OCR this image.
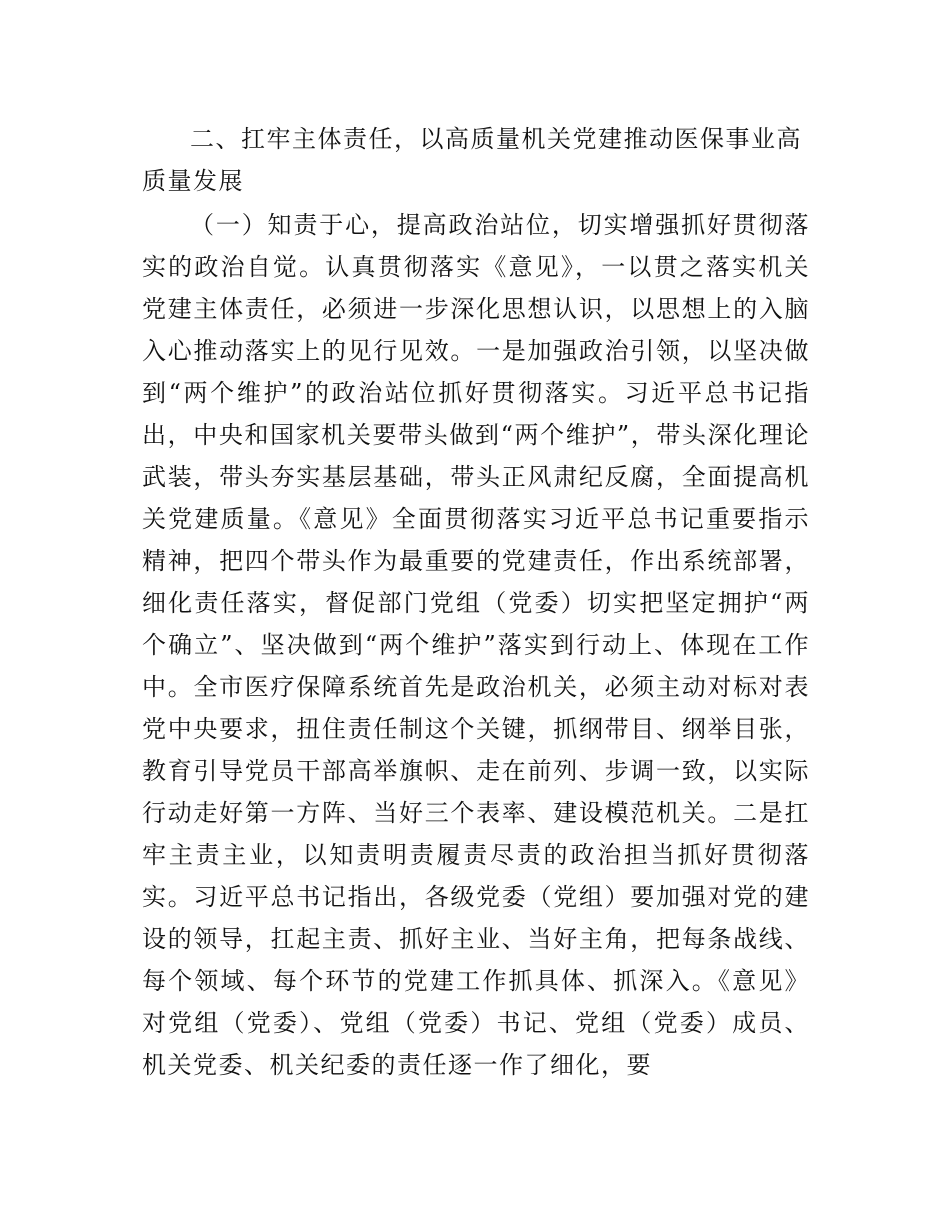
二、扛牢主体责任，以高质量机关党建推动医保事业高质量发展

（一）知责于心，提高政治站位，切实增强抓好贯彻落实的政治自觉。认真贯彻落实《意见》，一以贯之落实机关党建主体责任，必须进一步深化思想认识，以思想上的入脑入心推动落实上的见行见效。一是加强政治引领，以坚决做到“两个维护”的政治站位抓好贯彻落实。习近平总书记指出，中央和国家机关要带头做到“两个维护”，带头深化理论武装，带头夯实基层基础，带头正风肃纪反腐，全面提高机关党建质量。《意见》全面贯彻落实习近平总书记重要指示精神，把四个带头作为最重要的党建责任，作出系统部署，细化责任落实，督促部门党组（党委）切实把坚定拥护“两个确立”、坚决做到“两个维护”落实到行动上、体现在工作中。全市医疗保障系统首先是政治机关，必须主动对标对表党中央要求，扭住责任制这个关键，抓纲带目、纲举目张，教育引导党员干部高举旗帜、走在前列、步调一致，以实际行动走好第一方阵、当好三个表率、建设模范机关。二是扛牢主责主业，以知责明责履责尽责的政治担当抓好贯彻落实。习近平总书记指出，各级党委（党组）要加强对党的建设的领导，扛起主责、抓好主业、当好主角，把每条战线、每个领域、每个环节的党建工作抓具体、抓深入。《意见》对党组（党委）、党组（党委）书记、党组（党委）成员、机关党委、机关纪委的责任逐一作了细化，要
